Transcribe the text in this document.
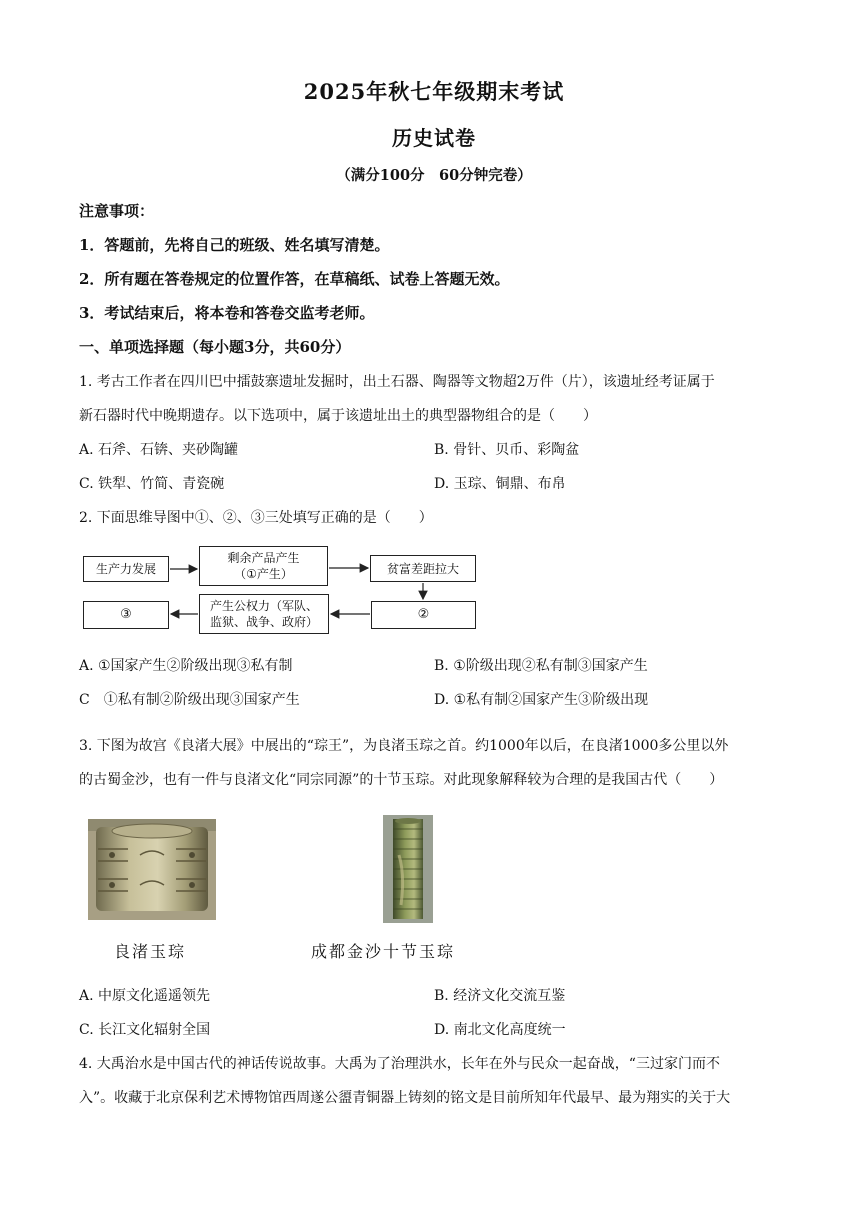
2025年秋七年级期末考试
历史试卷
（满分100分　60分钟完卷）
注意事项：
1．答题前，先将自己的班级、姓名填写清楚。
2．所有题在答卷规定的位置作答，在草稿纸、试卷上答题无效。
3．考试结束后，将本卷和答卷交监考老师。
一、单项选择题（每小题3分，共60分）
1. 考古工作者在四川巴中擂鼓寨遗址发掘时，出土石器、陶器等文物超2万件（片），该遗址经考证属于
新石器时代中晚期遗存。以下选项中，属于该遗址出土的典型器物组合的是（　　）
A. 石斧、石锛、夹砂陶罐	B. 骨针、贝币、彩陶盆
C. 铁犁、竹简、青瓷碗	D. 玉琮、铜鼎、布帛
2. 下面思维导图中①、②、③三处填写正确的是（　　）
生产力发展
剩余产品产生
（①产生）	贫富差距拉大
②
产生公权力（军队、
监狱、战争、政府）
③
A. ①国家产生②阶级出现③私有制	B. ①阶级出现②私有制③国家产生
C　①私有制②阶级出现③国家产生	D. ①私有制②国家产生③阶级出现
3. 下图为故宫《良渚大展》中展出的“琮王”，为良渚玉琮之首。约1000年以后，在良渚1000多公里以外
的古蜀金沙，也有一件与良渚文化“同宗同源”的十节玉琮。对此现象解释较为合理的是我国古代（　　）
良渚玉琮	成都金沙十节玉琮
A. 中原文化遥遥领先	B. 经济文化交流互鉴
C. 长江文化辐射全国	D. 南北文化高度统一
4. 大禹治水是中国古代的神话传说故事。大禹为了治理洪水，长年在外与民众一起奋战，“三过家门而不
入”。收藏于北京保利艺术博物馆西周遂公盨青铜器上铸刻的铭文是目前所知年代最早、最为翔实的关于大
